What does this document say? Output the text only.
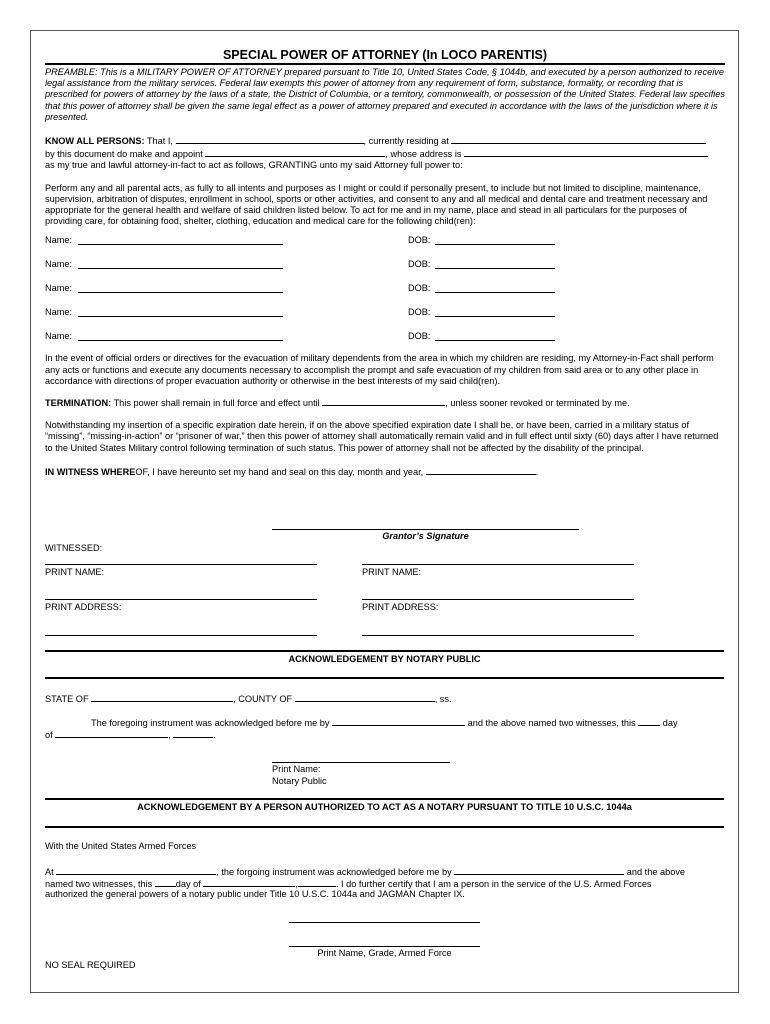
SPECIAL POWER OF ATTORNEY (In LOCO PARENTIS)

PREAMBLE: This is a MILITARY POWER OF ATTORNEY prepared pursuant to Title 10, United States Code, § 1044b, and executed by a person authorized to receive legal assistance from the military services. Federal law exempts this power of attorney from any requirement of form, substance, formality, or recording that is prescribed for powers of attorney by the laws of a state, the District of Columbia, or a territory, commonwealth, or possession of the United States. Federal law specifies that this power of attorney shall be given the same legal effect as a power of attorney prepared and executed in accordance with the laws of the jurisdiction where it is presented.

KNOW ALL PERSONS: That I,	, currently residing at

by this document do make and appoint	, whose address is

as my true and lawful attorney-in-fact to act as follows, GRANTING unto my said Attorney full power to:

Perform any and all parental acts, as fully to all intents and purposes as I might or could if personally present, to include but not limited to discipline, maintenance, supervision, arbitration of disputes, enrollment in school, sports or other activities, and consent to any and all medical and dental care and treatment necessary and appropriate for the general health and welfare of said children listed below. To act for me and in my name, place and stead in all particulars for the purposes of providing care, for obtaining food, shelter, clothing, education and medical care for the following child(ren):

Name:	DOB:
Name:	DOB:
Name:	DOB:
Name:	DOB:
Name:	DOB:

In the event of official orders or directives for the evacuation of military dependents from the area in which my children are residing, my Attorney-in-Fact shall perform any acts or functions and execute any documents necessary to accomplish the prompt and safe evacuation of my children from said area or to any other place in accordance with directions of proper evacuation authority or otherwise in the best interests of my said child(ren).

TERMINATION: This power shall remain in full force and effect until	, unless sooner revoked or terminated by me.

Notwithstanding my insertion of a specific expiration date herein, if on the above specified expiration date I shall be, or have been, carried in a military status of “missing”, “missing-in-action” or “prisoner of war,” then this power of attorney shall automatically remain valid and in full effect until sixty (60) days after I have returned to the United States Military control following termination of such status. This power of attorney shall not be affected by the disability of the principal.

IN WITNESS WHEREOF, I have hereunto set my hand and seal on this day, month and year,	.

Grantor’s Signature
WITNESSED:
PRINT NAME:	PRINT NAME:
PRINT ADDRESS:	PRINT ADDRESS:
ACKNOWLEDGEMENT BY NOTARY PUBLIC
STATE OF	, COUNTY OF	, ss.
The foregoing instrument was acknowledged before me by	and the above named two witnesses, this  day
of	,	.
Print Name:
Notary Public
ACKNOWLEDGEMENT BY A PERSON AUTHORIZED TO ACT AS A NOTARY PURSUANT TO TITLE 10 U.S.C. 1044a
With the United States Armed Forces
At	, the forgoing instrument was acknowledged before me by	and the above
named two witnesses, this day of	,	. I do further certify that I am a person in the service of the U.S. Armed Forces
authorized the general powers of a notary public under Title 10 U.S.C. 1044a and JAGMAN Chapter IX.
Print Name, Grade, Armed Force
NO SEAL REQUIRED
